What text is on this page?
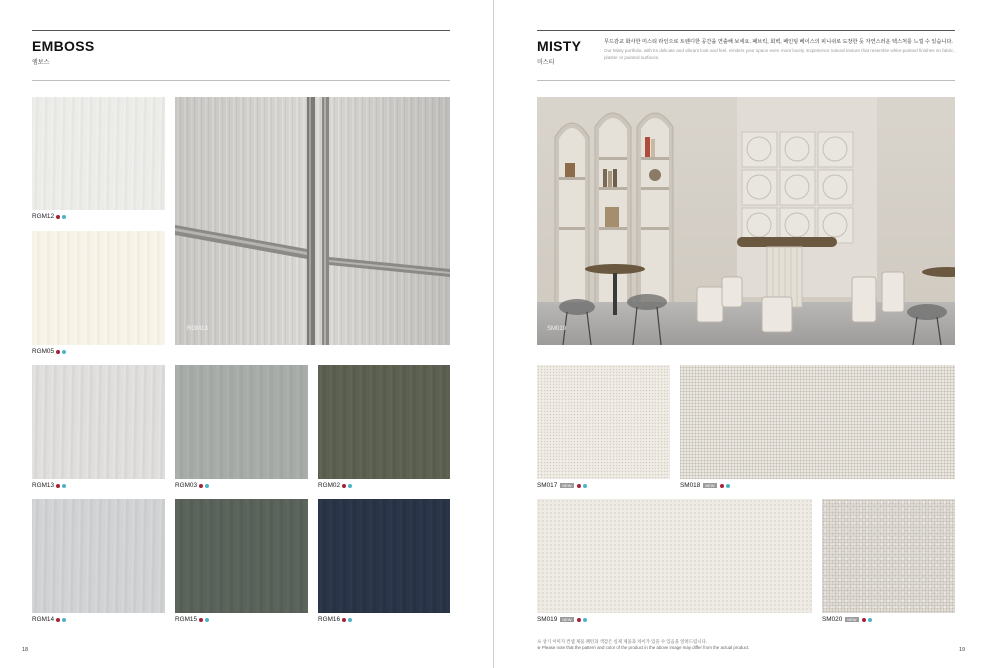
EMBOSS
엠보스
RGM12
RGM05
RGM13
RGM13	RGM03	RGM02
RGM14	RGM15	RGM16
18
MISTY
미스티
무드감교 화사한 미스티 라인으로 트렌디한 공간을 연출해 보세요. 패브릭, 회벽, 페인팅 베이스의 피니쉬로 도장한 듯 자연스러운 텍스처를 느낄 수 있습니다.
Our Misty portfolio, with its delicate and vibrant look and feel, renders your space even more lovely. Experience natural texture that resemble white-painted finishes on fabric, plaster or painted surfaces.
SM019
SM017	NEW	SM018	NEW
SM019	NEW	SM020	NEW
※ 상기 이미지 컨셉 제품 패턴과 색감은 실제 제품과 차이가 있을 수 있음을 알려드립니다.
※ Please note that the pattern and color of the product in the above image may differ from the actual product.	19
